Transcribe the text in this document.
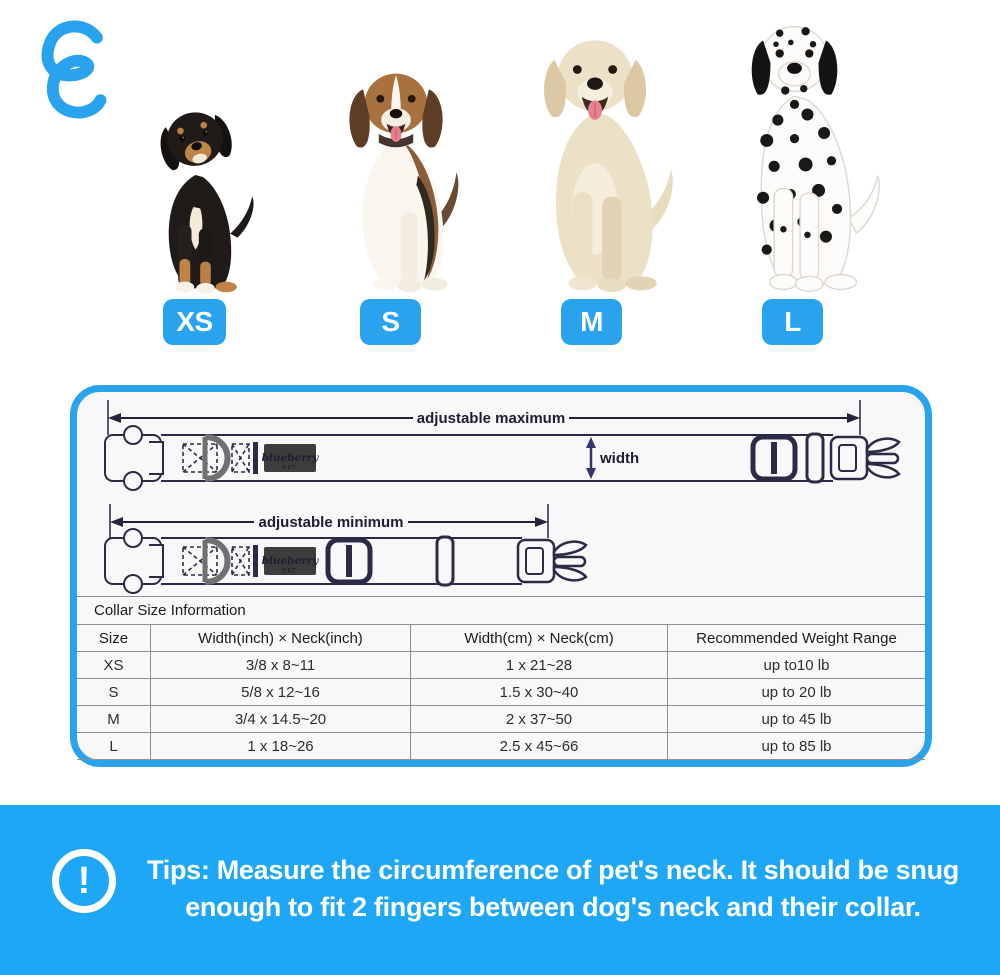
XS	S	M	L
adjustable maximum
width
adjustable minimum
Collar Size Information
Size	Width(inch) × Neck(inch)	Width(cm) × Neck(cm)	Recommended Weight Range
XS	3/8 x 8~11	1 x 21~28	up to10 lb
S	5/8 x 12~16	1.5 x 30~40	up to 20 lb
M	3/4 x 14.5~20	2 x 37~50	up to 45 lb
L	1 x 18~26	2.5 x 45~66	up to 85 lb
!	Tips: Measure the circumference of pet's neck. It should be snug
enough to fit 2 fingers between dog's neck and their collar.
